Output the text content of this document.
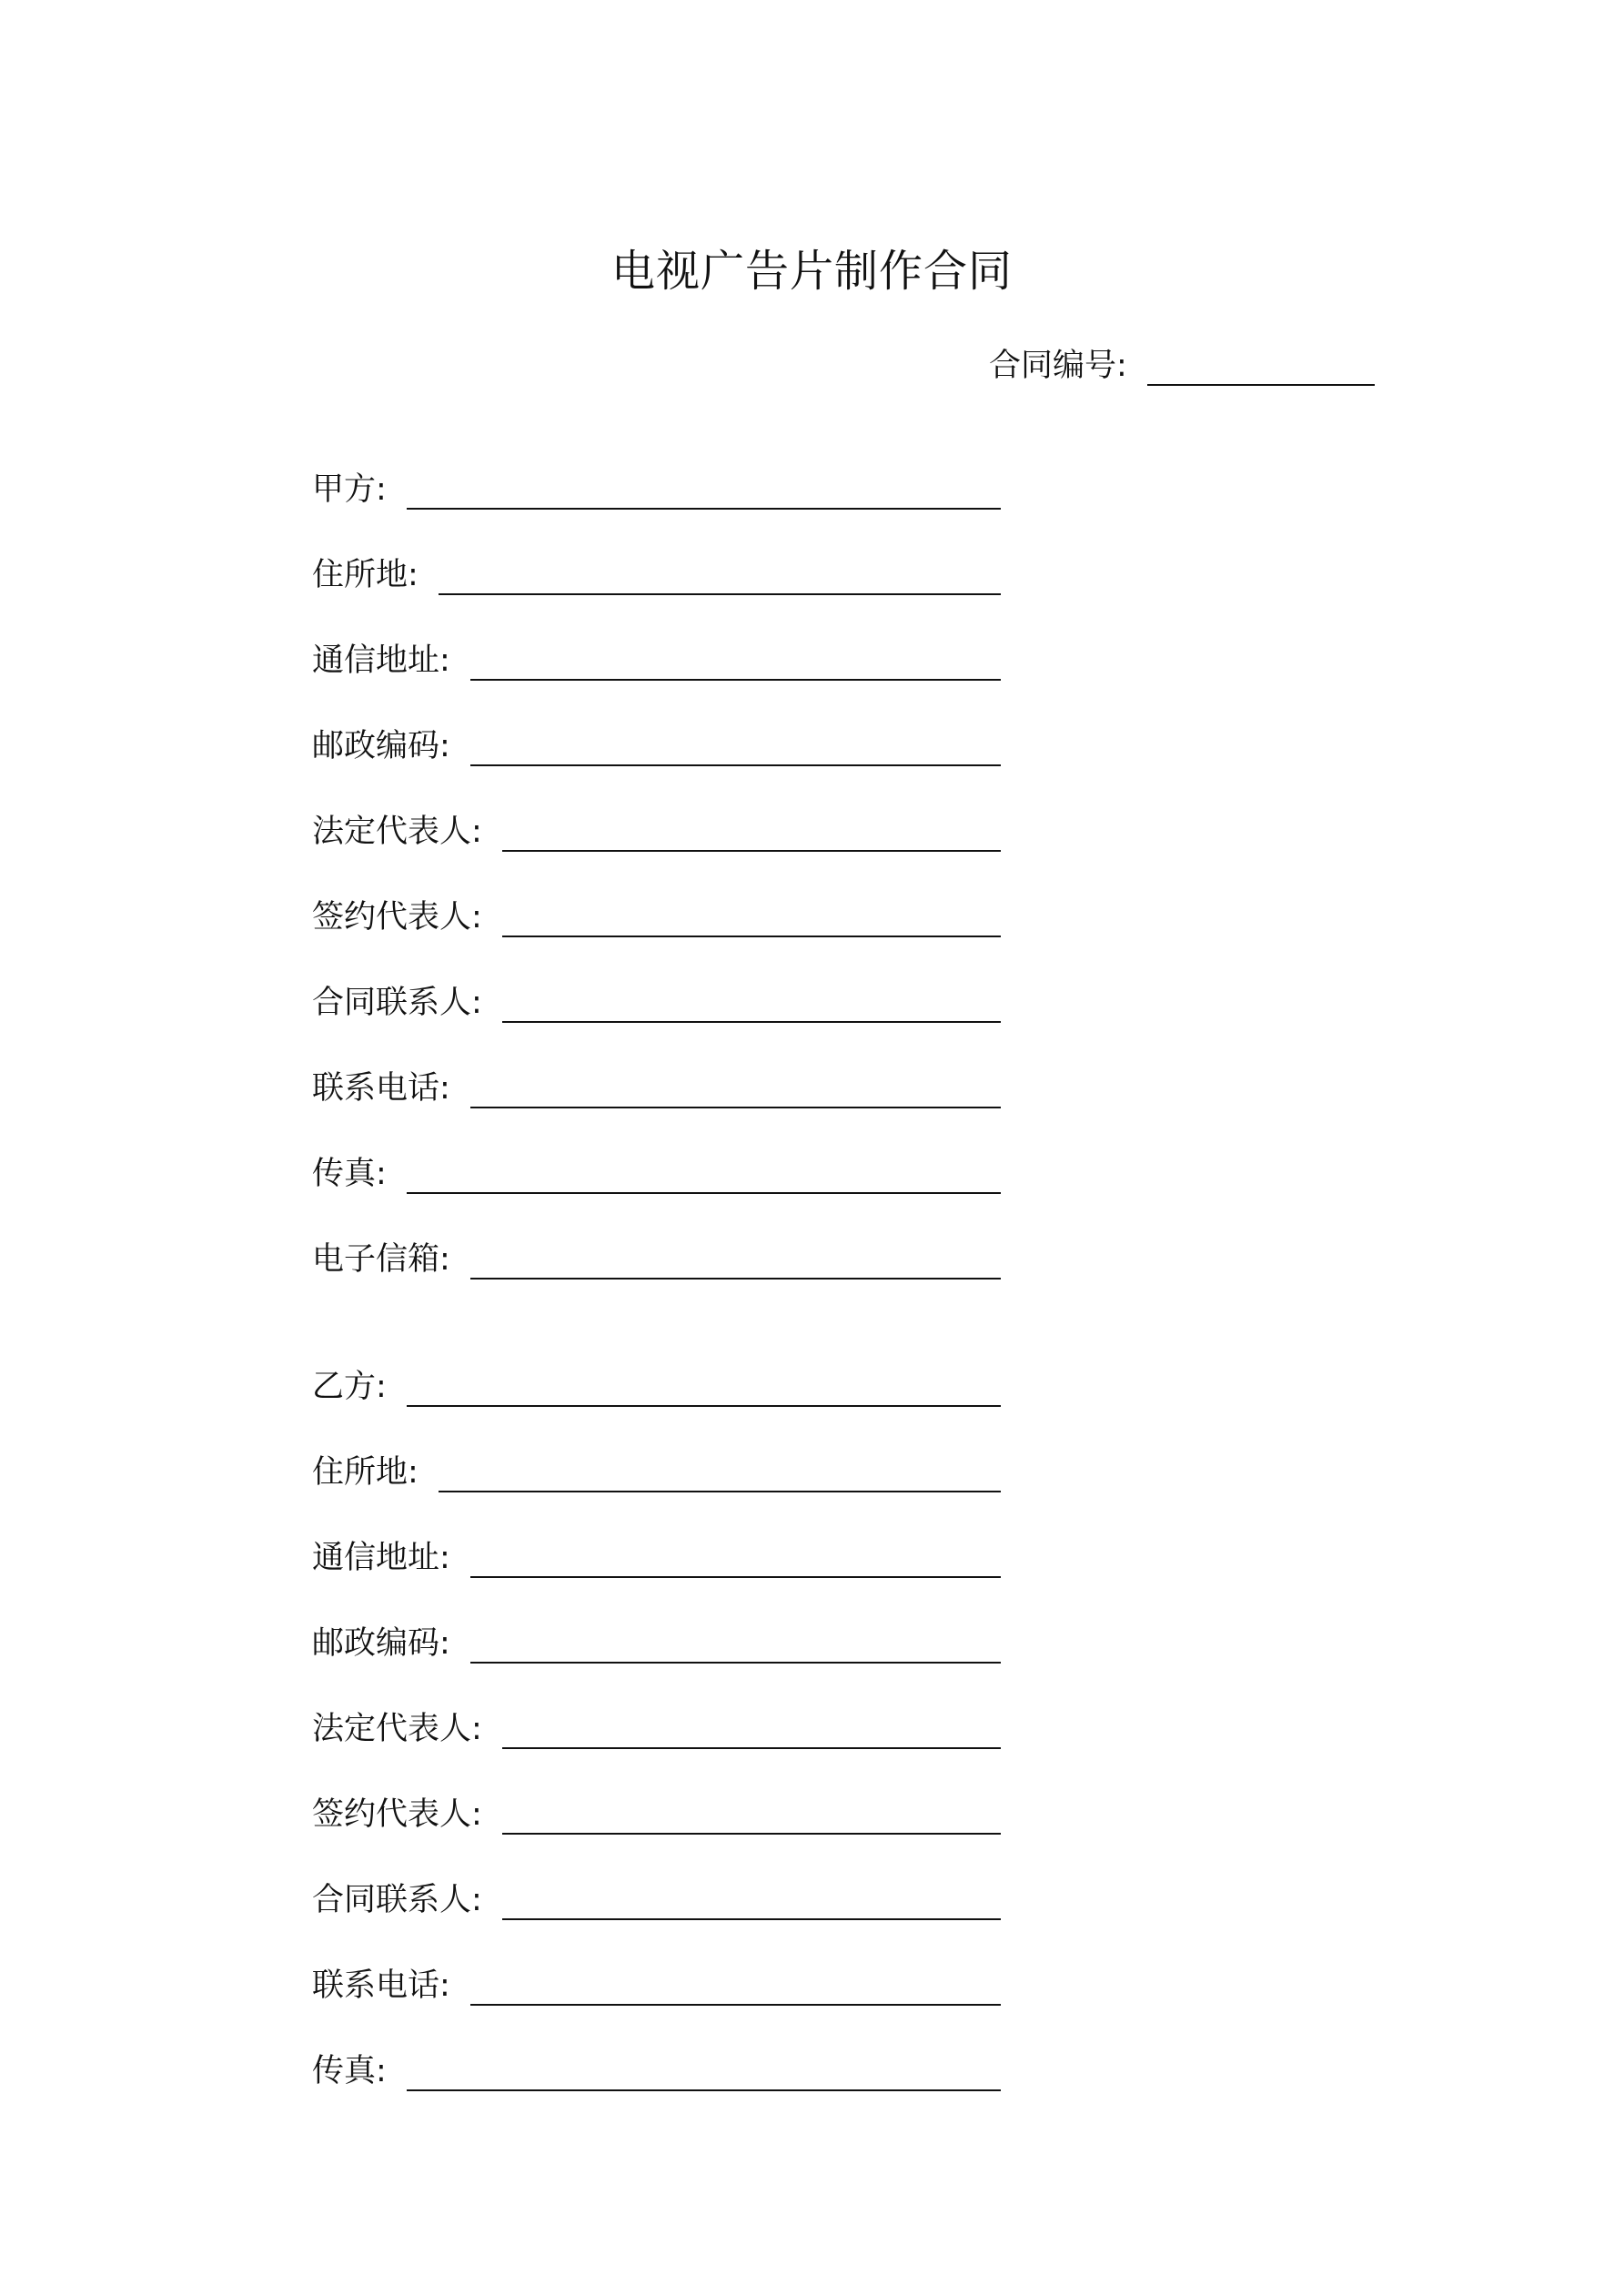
电视广告片制作合同
合同编号:
甲方:
住所地:
通信地址:
邮政编码:
法定代表人:
签约代表人:
合同联系人:
联系电话:
传真:
电子信箱:
乙方:
住所地:
通信地址:
邮政编码:
法定代表人:
签约代表人:
合同联系人:
联系电话:
传真:
